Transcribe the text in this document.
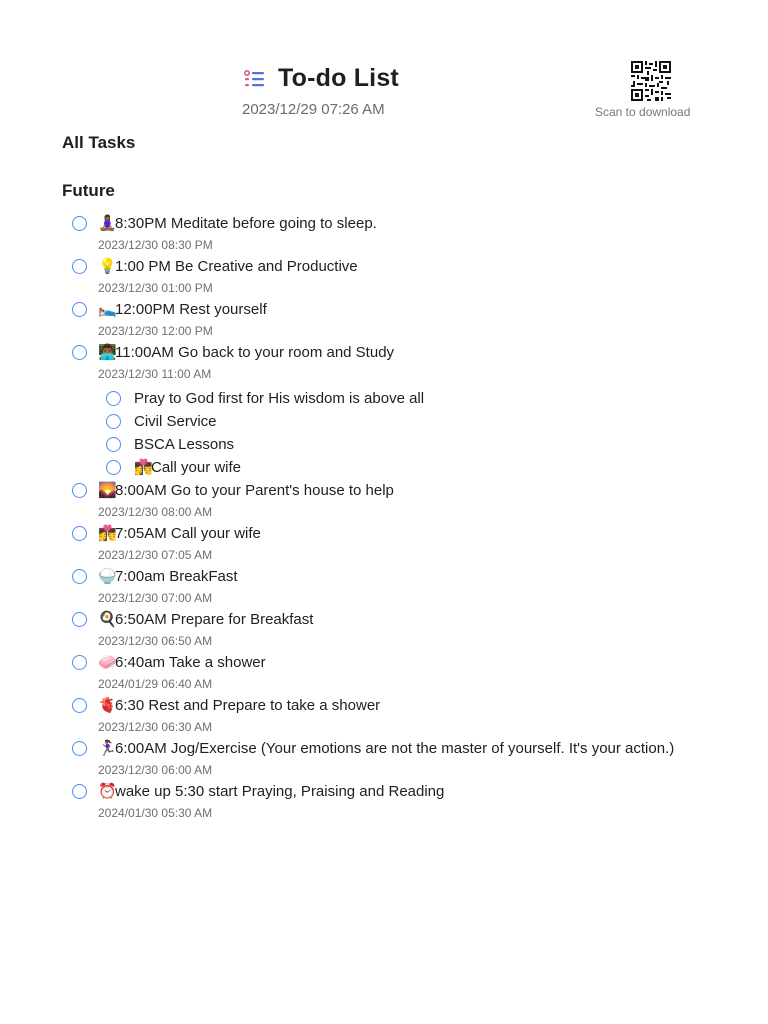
To-do List
2023/12/29 07:26 AM	Scan to download
All Tasks
Future
🧘🏾‍♀️8:30PM Meditate before going to sleep.
2023/12/30 08:30 PM
💡1:00 PM Be Creative and Productive
2023/12/30 01:00 PM
🛌12:00PM Rest yourself
2023/12/30 12:00 PM
👨🏾‍💻11:00AM Go back to your room and Study
2023/12/30 11:00 AM
Pray to God first for His wisdom is above all
Civil Service
BSCA Lessons
👩‍❤️‍💋‍👨Call your wife
🌄8:00AM Go to your Parent's house to help
2023/12/30 08:00 AM
👩‍❤️‍💋‍👨7:05AM Call your wife
2023/12/30 07:05 AM
🍚7:00am BreakFast
2023/12/30 07:00 AM
🍳6:50AM Prepare for Breakfast
2023/12/30 06:50 AM
🧼6:40am Take a shower
2024/01/29 06:40 AM
🫀6:30 Rest and Prepare to take a shower
2023/12/30 06:30 AM
🏃🏾‍♀️6:00AM Jog/Exercise (Your emotions are not the master of yourself. It's your action.)
2023/12/30 06:00 AM
⏰wake up 5:30 start Praying, Praising and Reading
2024/01/30 05:30 AM
